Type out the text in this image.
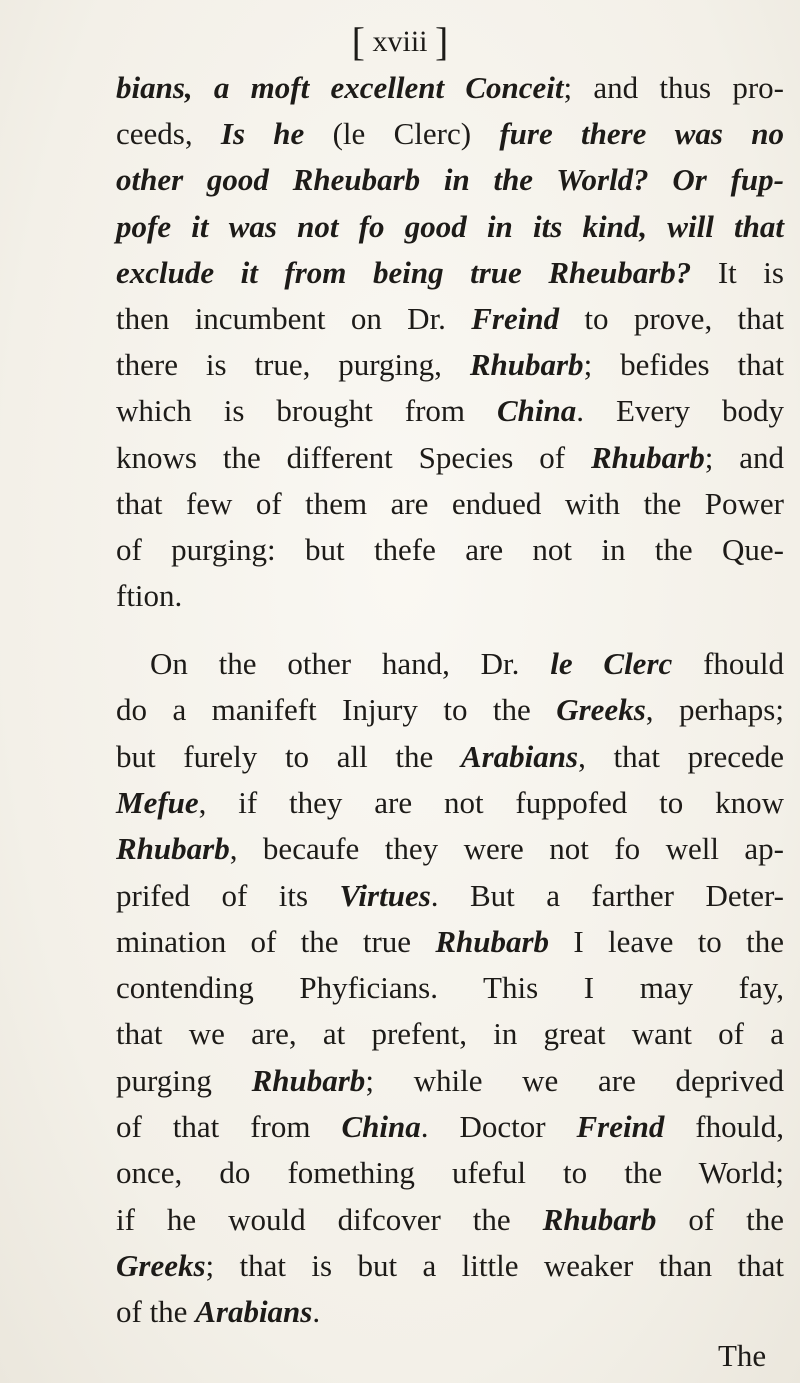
[ xviii ]
bians, a moft excellent Conceit; and thus pro-
ceeds, Is he (le Clerc) fure there was no
other good Rheubarb in the World? Or fup-
pofe it was not fo good in its kind, will that
exclude it from being true Rheubarb? It is
then incumbent on Dr. Freind to prove, that
there is true, purging, Rhubarb; befides that
which is brought from China. Every body
knows the different Species of Rhubarb; and
that few of them are endued with the Power
of purging: but thefe are not in the Que-
ftion.
On the other hand, Dr. le Clerc fhould
do a manifeft Injury to the Greeks, perhaps;
but furely to all the Arabians, that precede
Mefue, if they are not fuppofed to know
Rhubarb, becaufe they were not fo well ap-
prifed of its Virtues. But a farther Deter-
mination of the true Rhubarb I leave to the
contending Phyficians. This I may fay,
that we are, at prefent, in great want of a
purging Rhubarb; while we are deprived
of that from China. Doctor Freind fhould,
once, do fomething ufeful to the World;
if he would difcover the Rhubarb of the
Greeks; that is but a little weaker than that
of the Arabians.
The
